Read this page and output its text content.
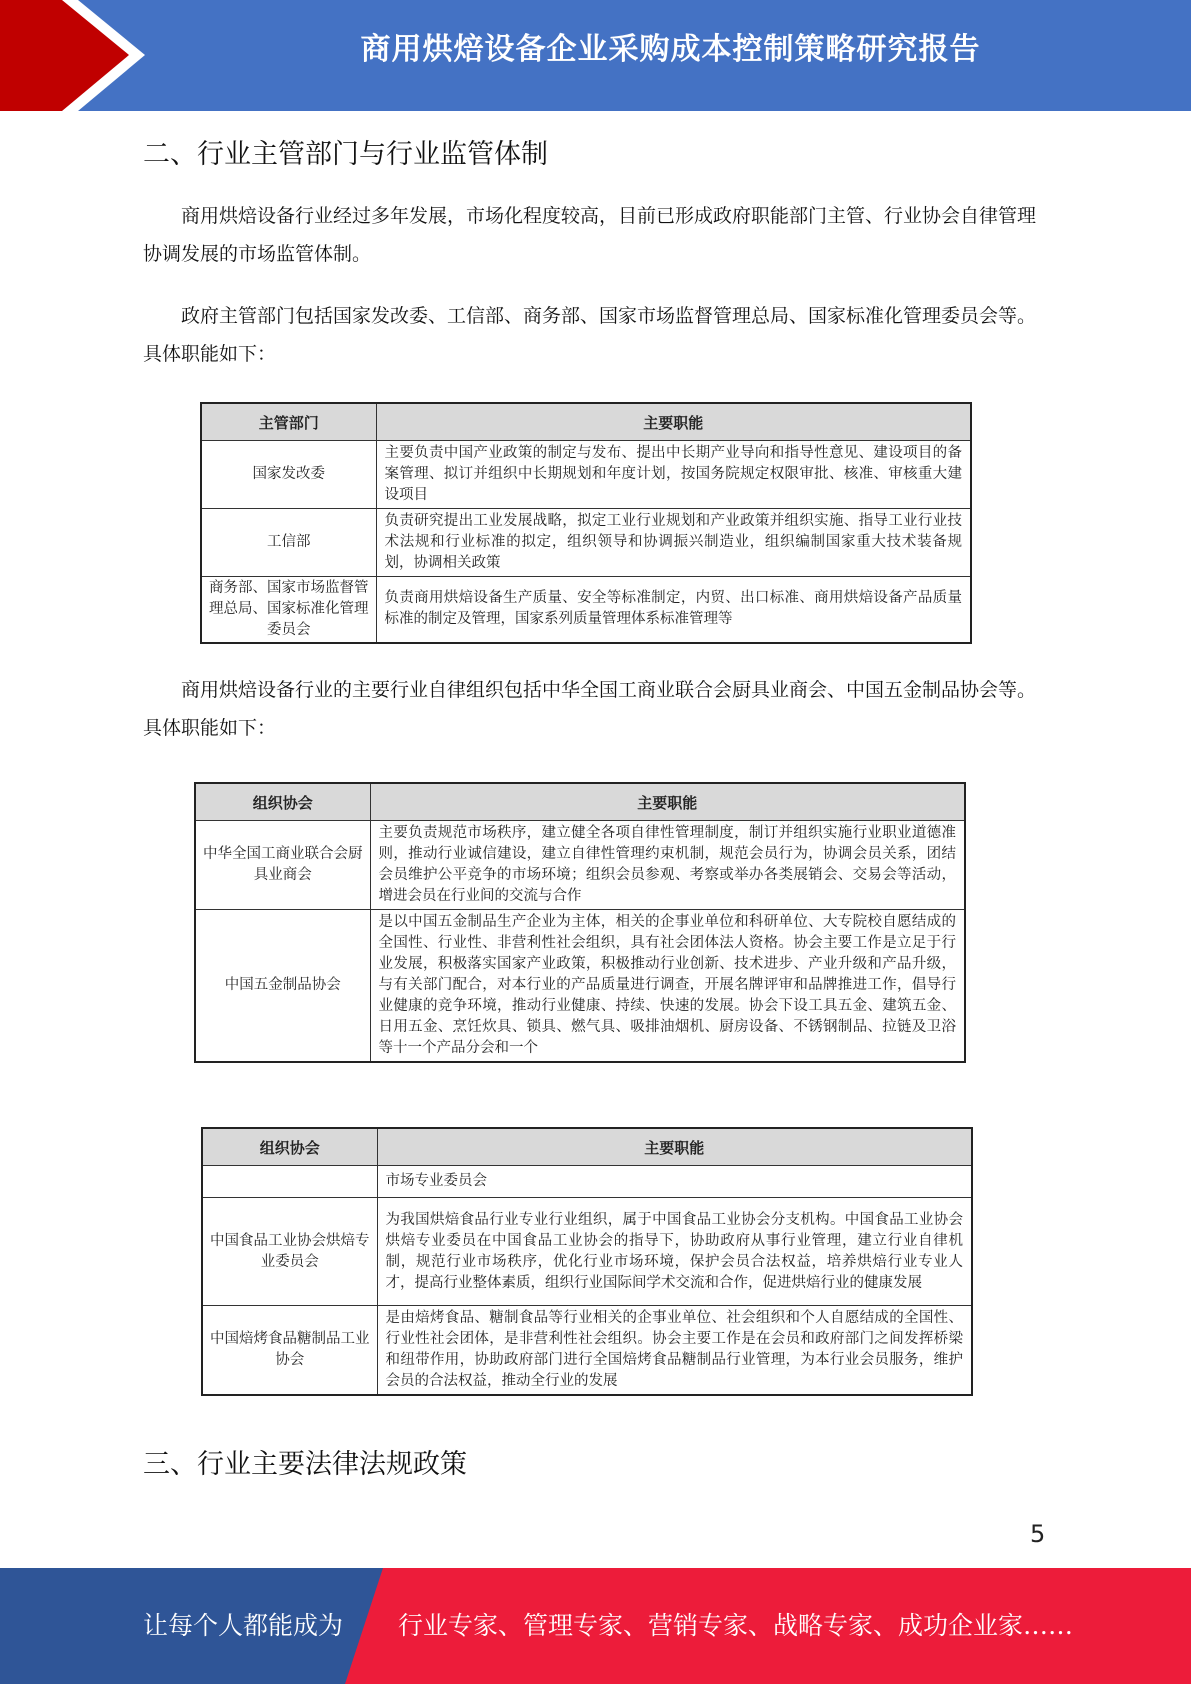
商用烘焙设备企业采购成本控制策略研究报告
二、行业主管部门与行业监管体制

商用烘焙设备行业经过多年发展，市场化程度较高，目前已形成政府职能部门主管、行业协会自律管理协调发展的市场监管体制。

政府主管部门包括国家发改委、工信部、商务部、国家市场监督管理总局、国家标准化管理委员会等。具体职能如下：

主管部门	主要职能
国家发改委	主要负责中国产业政策的制定与发布、提出中长期产业导向和指导性意见、建设项目的备案管理、拟订并组织中长期规划和年度计划，按国务院规定权限审批、核准、审核重大建设项目
工信部	负责研究提出工业发展战略，拟定工业行业规划和产业政策并组织实施、指导工业行业技术法规和行业标准的拟定，组织领导和协调振兴制造业，组织编制国家重大技术装备规划，协调相关政策
商务部、国家市场监督管理总局、国家标准化管理委员会	负责商用烘焙设备生产质量、安全等标准制定，内贸、出口标准、商用烘焙设备产品质量标准的制定及管理，国家系列质量管理体系标准管理等

商用烘焙设备行业的主要行业自律组织包括中华全国工商业联合会厨具业商会、中国五金制品协会等。具体职能如下：

组织协会	主要职能
中华全国工商业联合会厨具业商会	主要负责规范市场秩序，建立健全各项自律性管理制度，制订并组织实施行业职业道德准则，推动行业诚信建设，建立自律性管理约束机制，规范会员行为，协调会员关系，团结会员维护公平竞争的市场环境；组织会员参观、考察或举办各类展销会、交易会等活动，增进会员在行业间的交流与合作
中国五金制品协会	是以中国五金制品生产企业为主体，相关的企事业单位和科研单位、大专院校自愿结成的全国性、行业性、非营利性社会组织，具有社会团体法人资格。协会主要工作是立足于行业发展，积极落实国家产业政策，积极推动行业创新、技术进步、产业升级和产品升级，与有关部门配合，对本行业的产品质量进行调查，开展名牌评审和品牌推进工作，倡导行业健康的竞争环境，推动行业健康、持续、快速的发展。协会下设工具五金、建筑五金、日用五金、烹饪炊具、锁具、燃气具、吸排油烟机、厨房设备、不锈钢制品、拉链及卫浴等十一个产品分会和一个
组织协会	主要职能
	市场专业委员会
中国食品工业协会烘焙专业委员会	为我国烘焙食品行业专业行业组织，属于中国食品工业协会分支机构。中国食品工业协会烘焙专业委员在中国食品工业协会的指导下，协助政府从事行业管理，建立行业自律机制，规范行业市场秩序，优化行业市场环境，保护会员合法权益，培养烘焙行业专业人才，提高行业整体素质，组织行业国际间学术交流和合作，促进烘焙行业的健康发展
中国焙烤食品糖制品工业协会	是由焙烤食品、糖制食品等行业相关的企事业单位、社会组织和个人自愿结成的全国性、行业性社会团体，是非营利性社会组织。协会主要工作是在会员和政府部门之间发挥桥梁和纽带作用，协助政府部门进行全国焙烤食品糖制品行业管理，为本行业会员服务，维护会员的合法权益，推动全行业的发展
三、行业主要法律法规政策
5
让每个人都能成为 行业专家、管理专家、营销专家、战略专家、成功企业家……
